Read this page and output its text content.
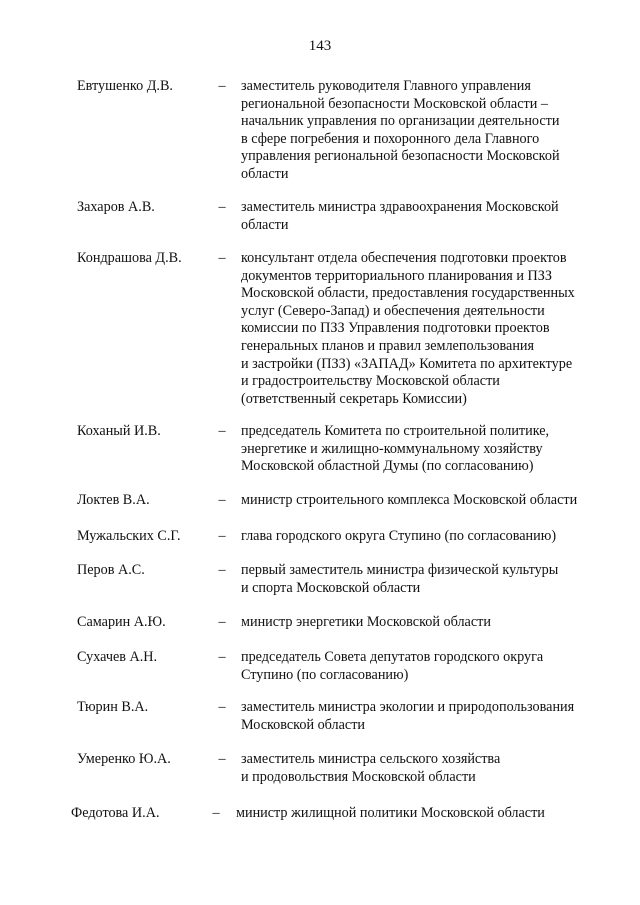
143
Евтушенко Д.В.	– заместитель руководителя Главного управления
региональной безопасности Московской области –
начальник управления по организации деятельности
в сфере погребения и похоронного дела Главного
управления региональной безопасности Московской
области
Захаров А.В.	– заместитель министра здравоохранения Московской
области
Кондрашова Д.В.	– консультант отдела обеспечения подготовки проектов
документов территориального планирования и ПЗЗ
Московской области, предоставления государственных
услуг (Северо-Запад) и обеспечения деятельности
комиссии по ПЗЗ Управления подготовки проектов
генеральных планов и правил землепользования
и застройки (ПЗЗ) «ЗАПАД» Комитета по архитектуре
и градостроительству Московской области
(ответственный секретарь Комиссии)
Коханый И.В.	– председатель Комитета по строительной политике,
энергетике и жилищно-коммунальному хозяйству
Московской областной Думы (по согласованию)
Локтев В.А.	– министр строительного комплекса Московской области
Мужальских С.Г.	– глава городского округа Ступино (по согласованию)
Перов А.С.	– первый заместитель министра физической культуры
и спорта Московской области
Самарин А.Ю.	– министр энергетики Московской области
Сухачев А.Н.	– председатель Совета депутатов городского округа
Ступино (по согласованию)
Тюрин В.А.	– заместитель министра экологии и природопользования
Московской области
Умеренко Ю.А.	– заместитель министра сельского хозяйства
и продовольствия Московской области
Федотова И.А.	– министр жилищной политики Московской области
